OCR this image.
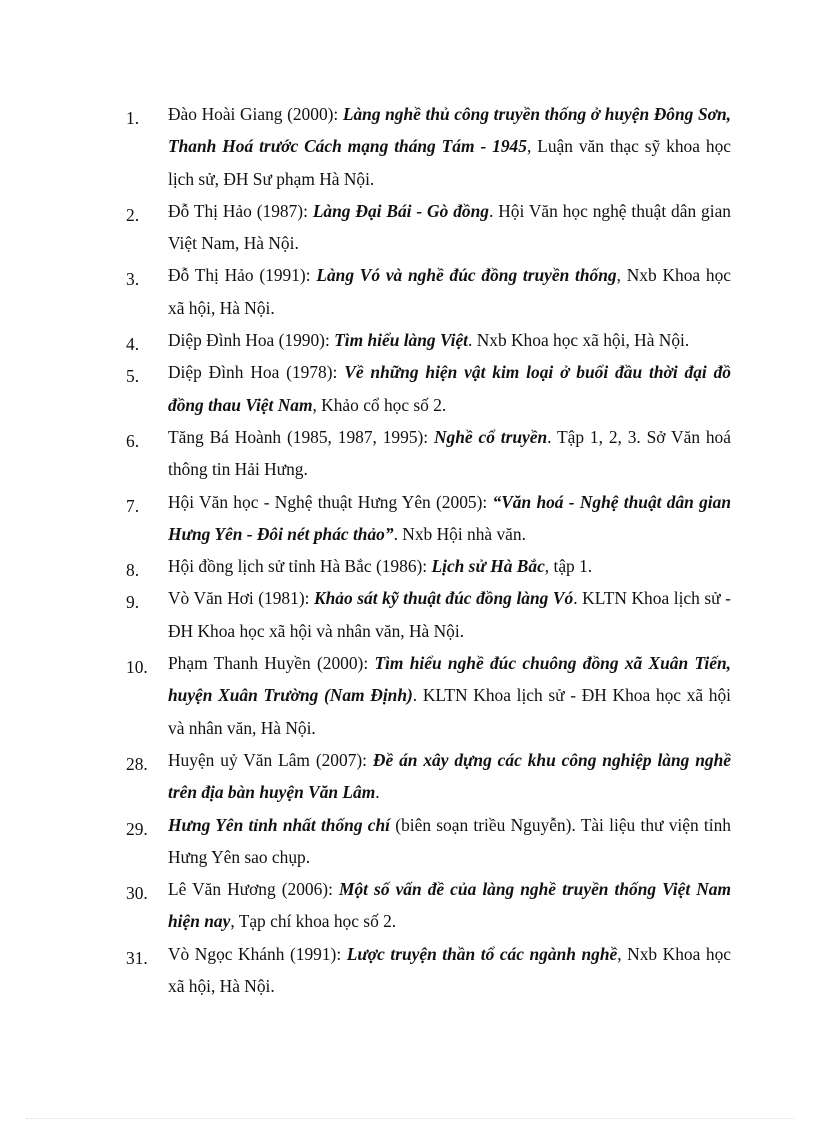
1.	Đào Hoài Giang (2000): Làng nghề thủ công truyền thống ở huyện Đông Sơn, Thanh Hoá trước Cách mạng tháng Tám - 1945, Luận văn thạc sỹ khoa học lịch sử, ĐH Sư phạm Hà Nội.
2.	Đỗ Thị Hảo (1987): Làng Đại Bái - Gò đồng. Hội Văn học nghệ thuật dân gian Việt Nam, Hà Nội.
3.	Đỗ Thị Hảo (1991): Làng Vó và nghề đúc đồng truyền thống, Nxb Khoa học xã hội, Hà Nội.
4.	Diệp Đình Hoa (1990): Tìm hiểu làng Việt. Nxb Khoa học xã hội, Hà Nội.
5.	Diệp Đình Hoa (1978): Về những hiện vật kim loại ở buổi đầu thời đại đồ đồng thau Việt Nam, Khảo cổ học số 2.
6.	Tăng Bá Hoành (1985, 1987, 1995): Nghề cổ truyền. Tập 1, 2, 3. Sở Văn hoá thông tin Hải Hưng.
7.	Hội Văn học - Nghệ thuật Hưng Yên (2005): “Văn hoá - Nghệ thuật dân gian Hưng Yên - Đôi nét phác thảo”. Nxb Hội nhà văn.
8.	Hội đồng lịch sử tỉnh Hà Bắc (1986): Lịch sử Hà Bắc, tập 1.
9.	Vò Văn Hơi (1981): Khảo sát kỹ thuật đúc đồng làng Vó. KLTN Khoa lịch sử - ĐH Khoa học xã hội và nhân văn, Hà Nội.
10.	Phạm Thanh Huyền (2000): Tìm hiểu nghề đúc chuông đồng xã Xuân Tiến, huyện Xuân Trường (Nam Định). KLTN Khoa lịch sử - ĐH Khoa học xã hội và nhân văn, Hà Nội.
28.	Huyện uỷ Văn Lâm (2007): Đề án xây dựng các khu công nghiệp làng nghề trên địa bàn huyện Văn Lâm.
29.	Hưng Yên tỉnh nhất thống chí (biên soạn triều Nguyễn). Tài liệu thư viện tỉnh Hưng Yên sao chụp.
30.	Lê Văn Hương (2006): Một số vấn đề của làng nghề truyền thống Việt Nam hiện nay, Tạp chí khoa học số 2.
31.	Vò Ngọc Khánh (1991): Lược truyện thần tổ các ngành nghề, Nxb Khoa học xã hội, Hà Nội.
